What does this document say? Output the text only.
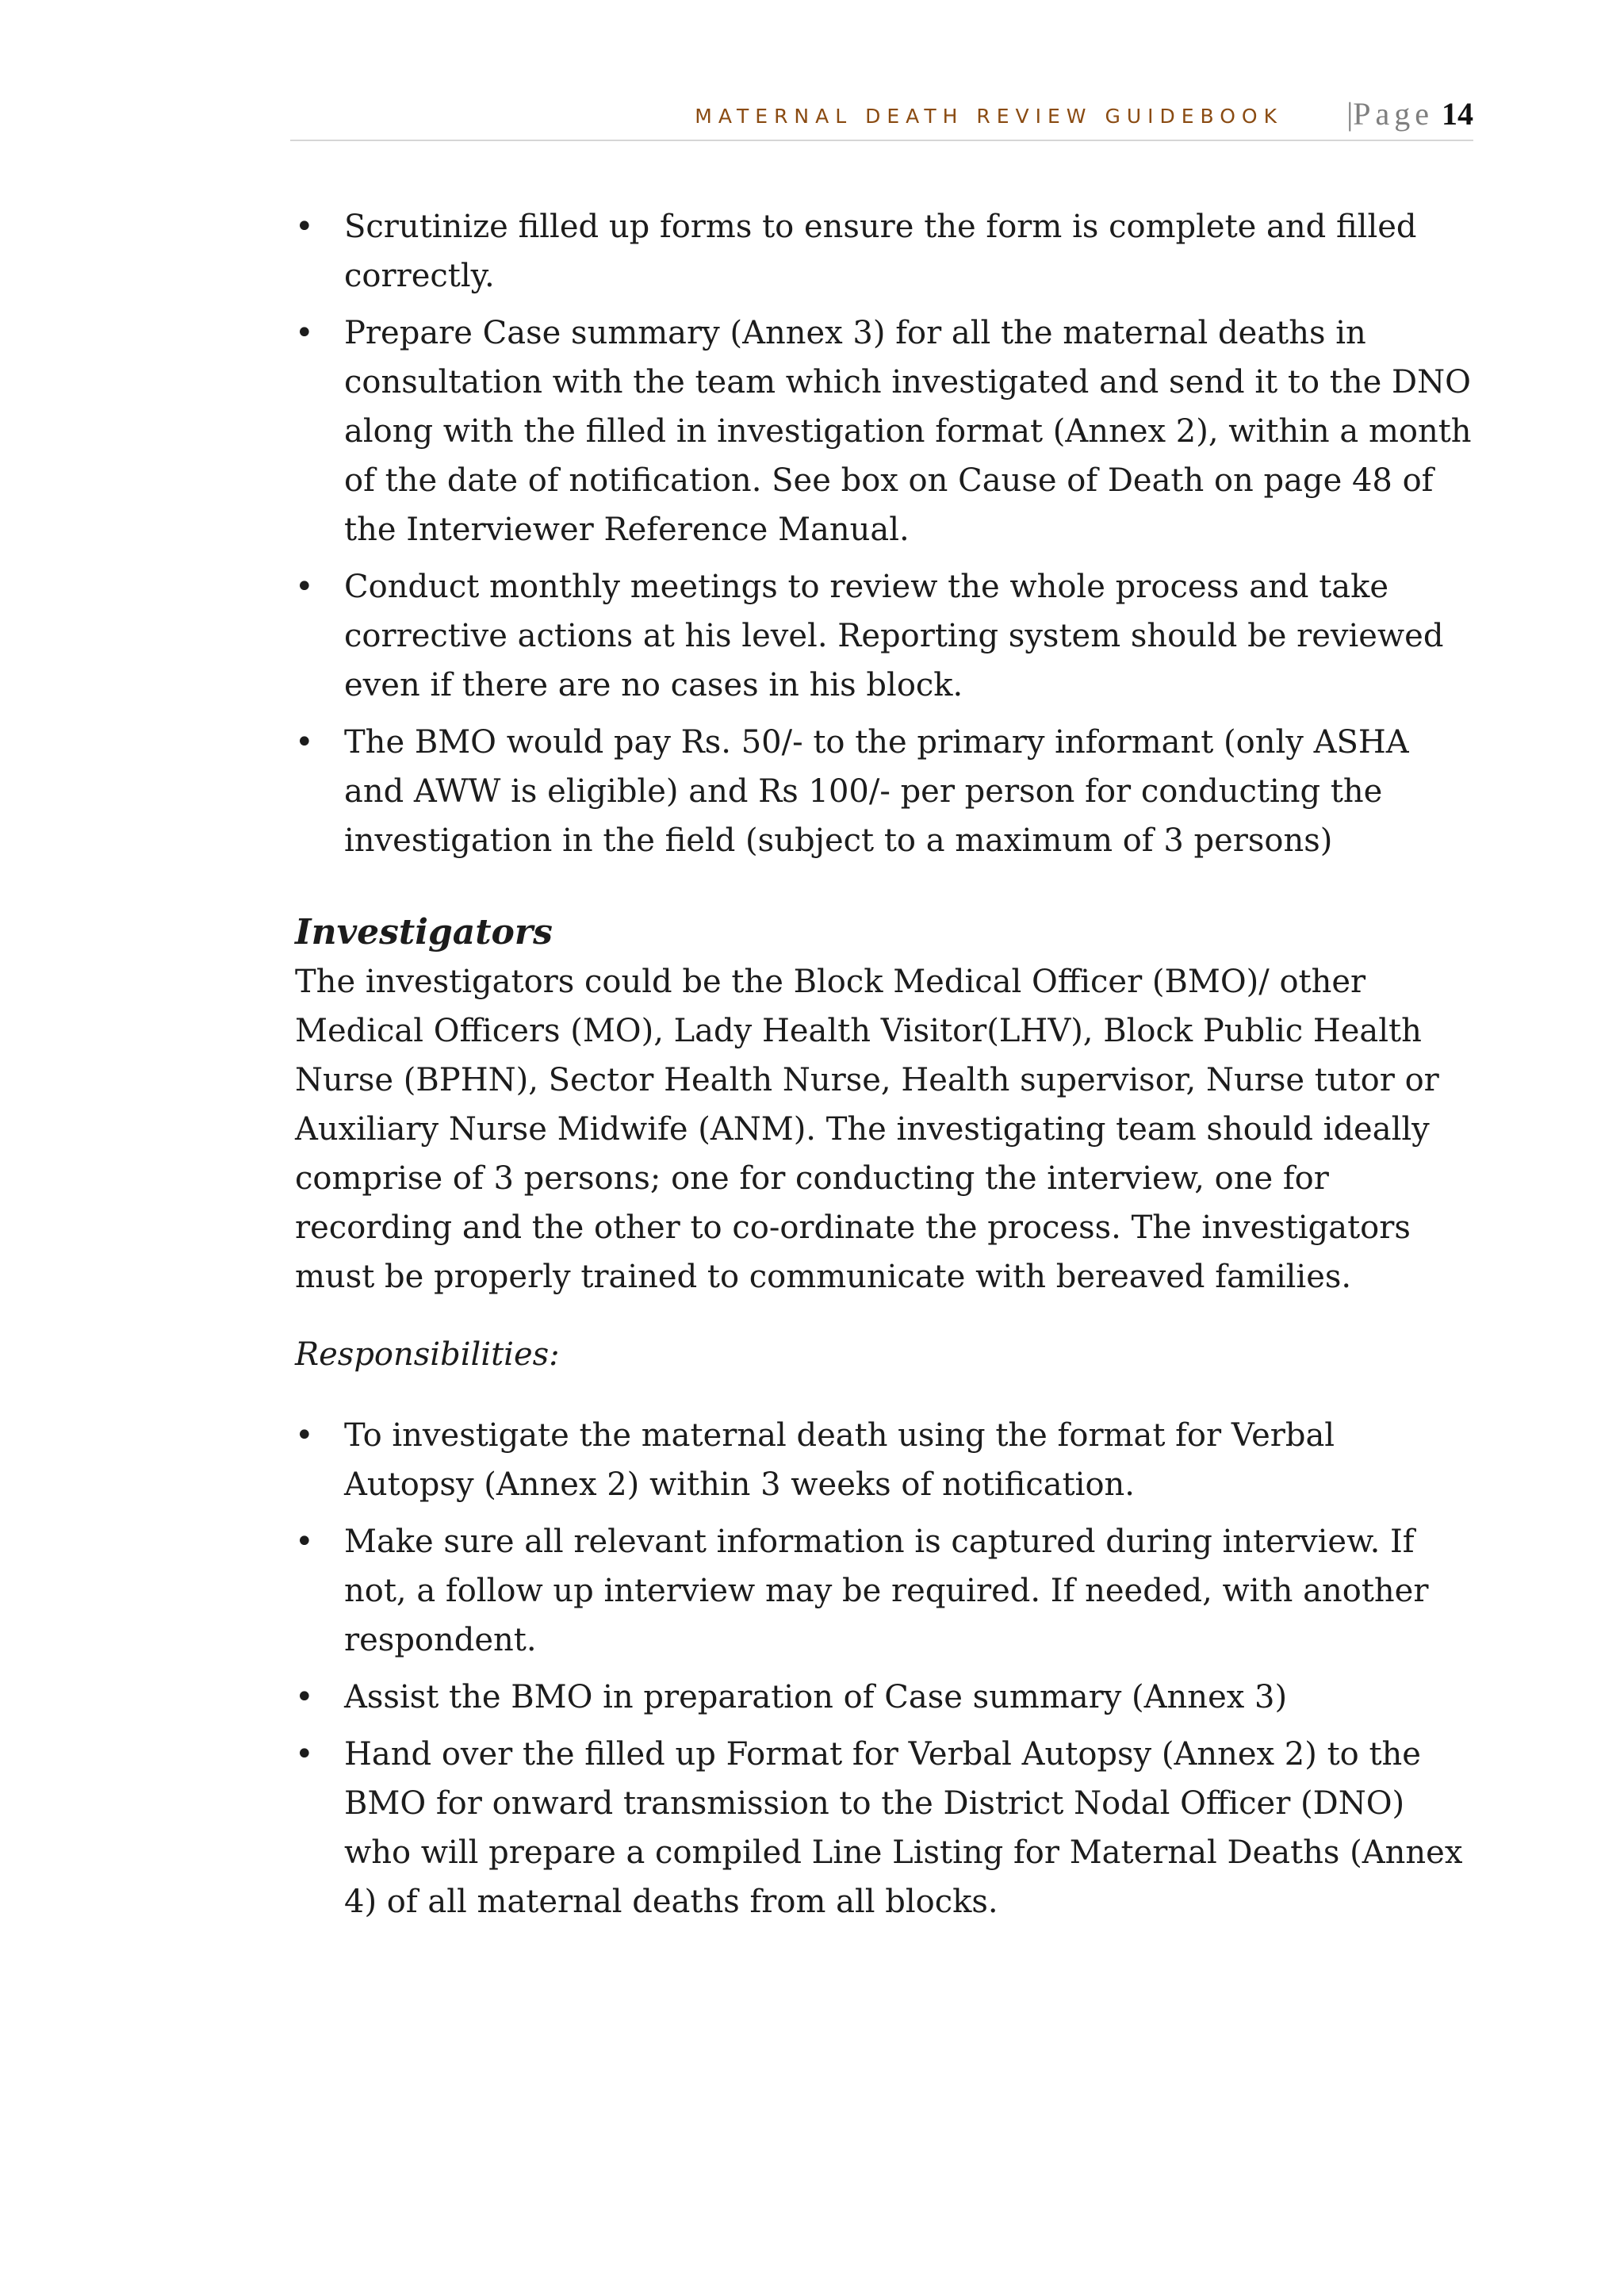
MATERNAL DEATH REVIEW GUIDEBOOK |Page 14
• Scrutinize filled up forms to ensure the form is complete and filled correctly.
• Prepare Case summary (Annex 3) for all the maternal deaths in consultation with the team which investigated and send it to the DNO along with the filled in investigation format (Annex 2), within a month of the date of notification. See box on Cause of Death on page 48 of the Interviewer Reference Manual.
• Conduct monthly meetings to review the whole process and take corrective actions at his level. Reporting system should be reviewed even if there are no cases in his block.
• The BMO would pay Rs. 50/- to the primary informant (only ASHA and AWW is eligible) and Rs 100/- per person for conducting the investigation in the field (subject to a maximum of 3 persons)
Investigators

The investigators could be the Block Medical Officer (BMO)/ other Medical Officers (MO), Lady Health Visitor(LHV), Block Public Health Nurse (BPHN), Sector Health Nurse, Health supervisor, Nurse tutor or Auxiliary Nurse Midwife (ANM). The investigating team should ideally comprise of 3 persons; one for conducting the interview, one for recording and the other to co-ordinate the process. The investigators must be properly trained to communicate with bereaved families.

Responsibilities:

• To investigate the maternal death using the format for Verbal Autopsy (Annex 2) within 3 weeks of notification.
• Make sure all relevant information is captured during interview. If not, a follow up interview may be required. If needed, with another respondent.
• Assist the BMO in preparation of Case summary (Annex 3)
• Hand over the filled up Format for Verbal Autopsy (Annex 2) to the BMO for onward transmission to the District Nodal Officer (DNO) who will prepare a compiled Line Listing for Maternal Deaths (Annex 4) of all maternal deaths from all blocks.
